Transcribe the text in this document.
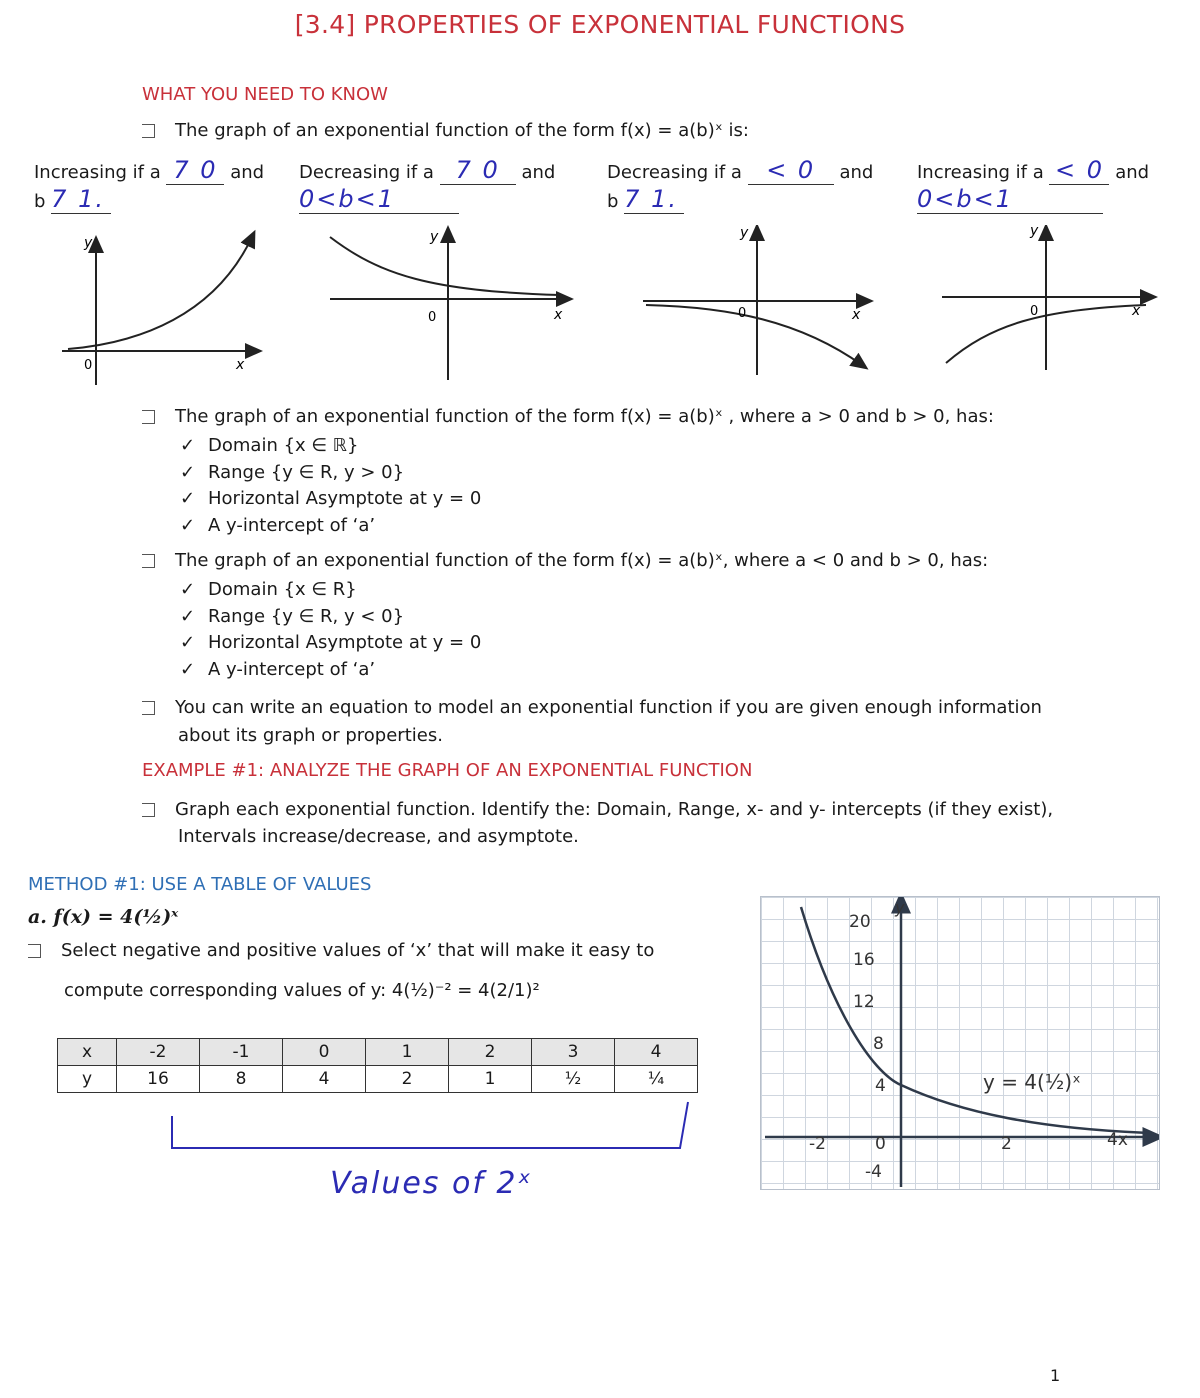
[3.4] PROPERTIES OF EXPONENTIAL FUNCTIONS
WHAT YOU NEED TO KNOW
The graph of an exponential function of the form f(x) = a(b)ˣ is:
Increasing if a 7 0 and
b 7 1.
Decreasing if a 7 0 and
0<b<1
Decreasing if a < 0 and
b 7 1.
Increasing if a < 0 and
0<b<1
y
0	x
y
0	x
y
0	x
y
0	x
The graph of an exponential function of the form f(x) = a(b)ˣ , where a > 0 and b > 0, has:
✓ Domain {x ∈ ℝ}
✓ Range {y ∈ R, y > 0}
✓ Horizontal Asymptote at y = 0
✓ A y-intercept of ‘a’
The graph of an exponential function of the form f(x) = a(b)ˣ, where a < 0 and b > 0, has:
✓ Domain {x ∈ R}
✓ Range {y ∈ R, y < 0}
✓ Horizontal Asymptote at y = 0
✓ A y-intercept of ‘a’
You can write an equation to model an exponential function if you are given enough information
about its graph or properties.
EXAMPLE #1: ANALYZE THE GRAPH OF AN EXPONENTIAL FUNCTION
Graph each exponential function. Identify the: Domain, Range, x- and y- intercepts (if they exist),
Intervals increase/decrease, and asymptote.
METHOD #1: USE A TABLE OF VALUES
a. f(x) = 4(½)ˣ
Select negative and positive values of ‘x’ that will make it easy to
compute corresponding values of y: 4(½)⁻² = 4(2/1)²
x	-2	-1	0	1	2	3	4
y	16	8	4	2	1	½	¼
Values of 2ˣ
20
16
12
8
4
-4
-2	0	2	4x
y
y = 4(½)ˣ
1
